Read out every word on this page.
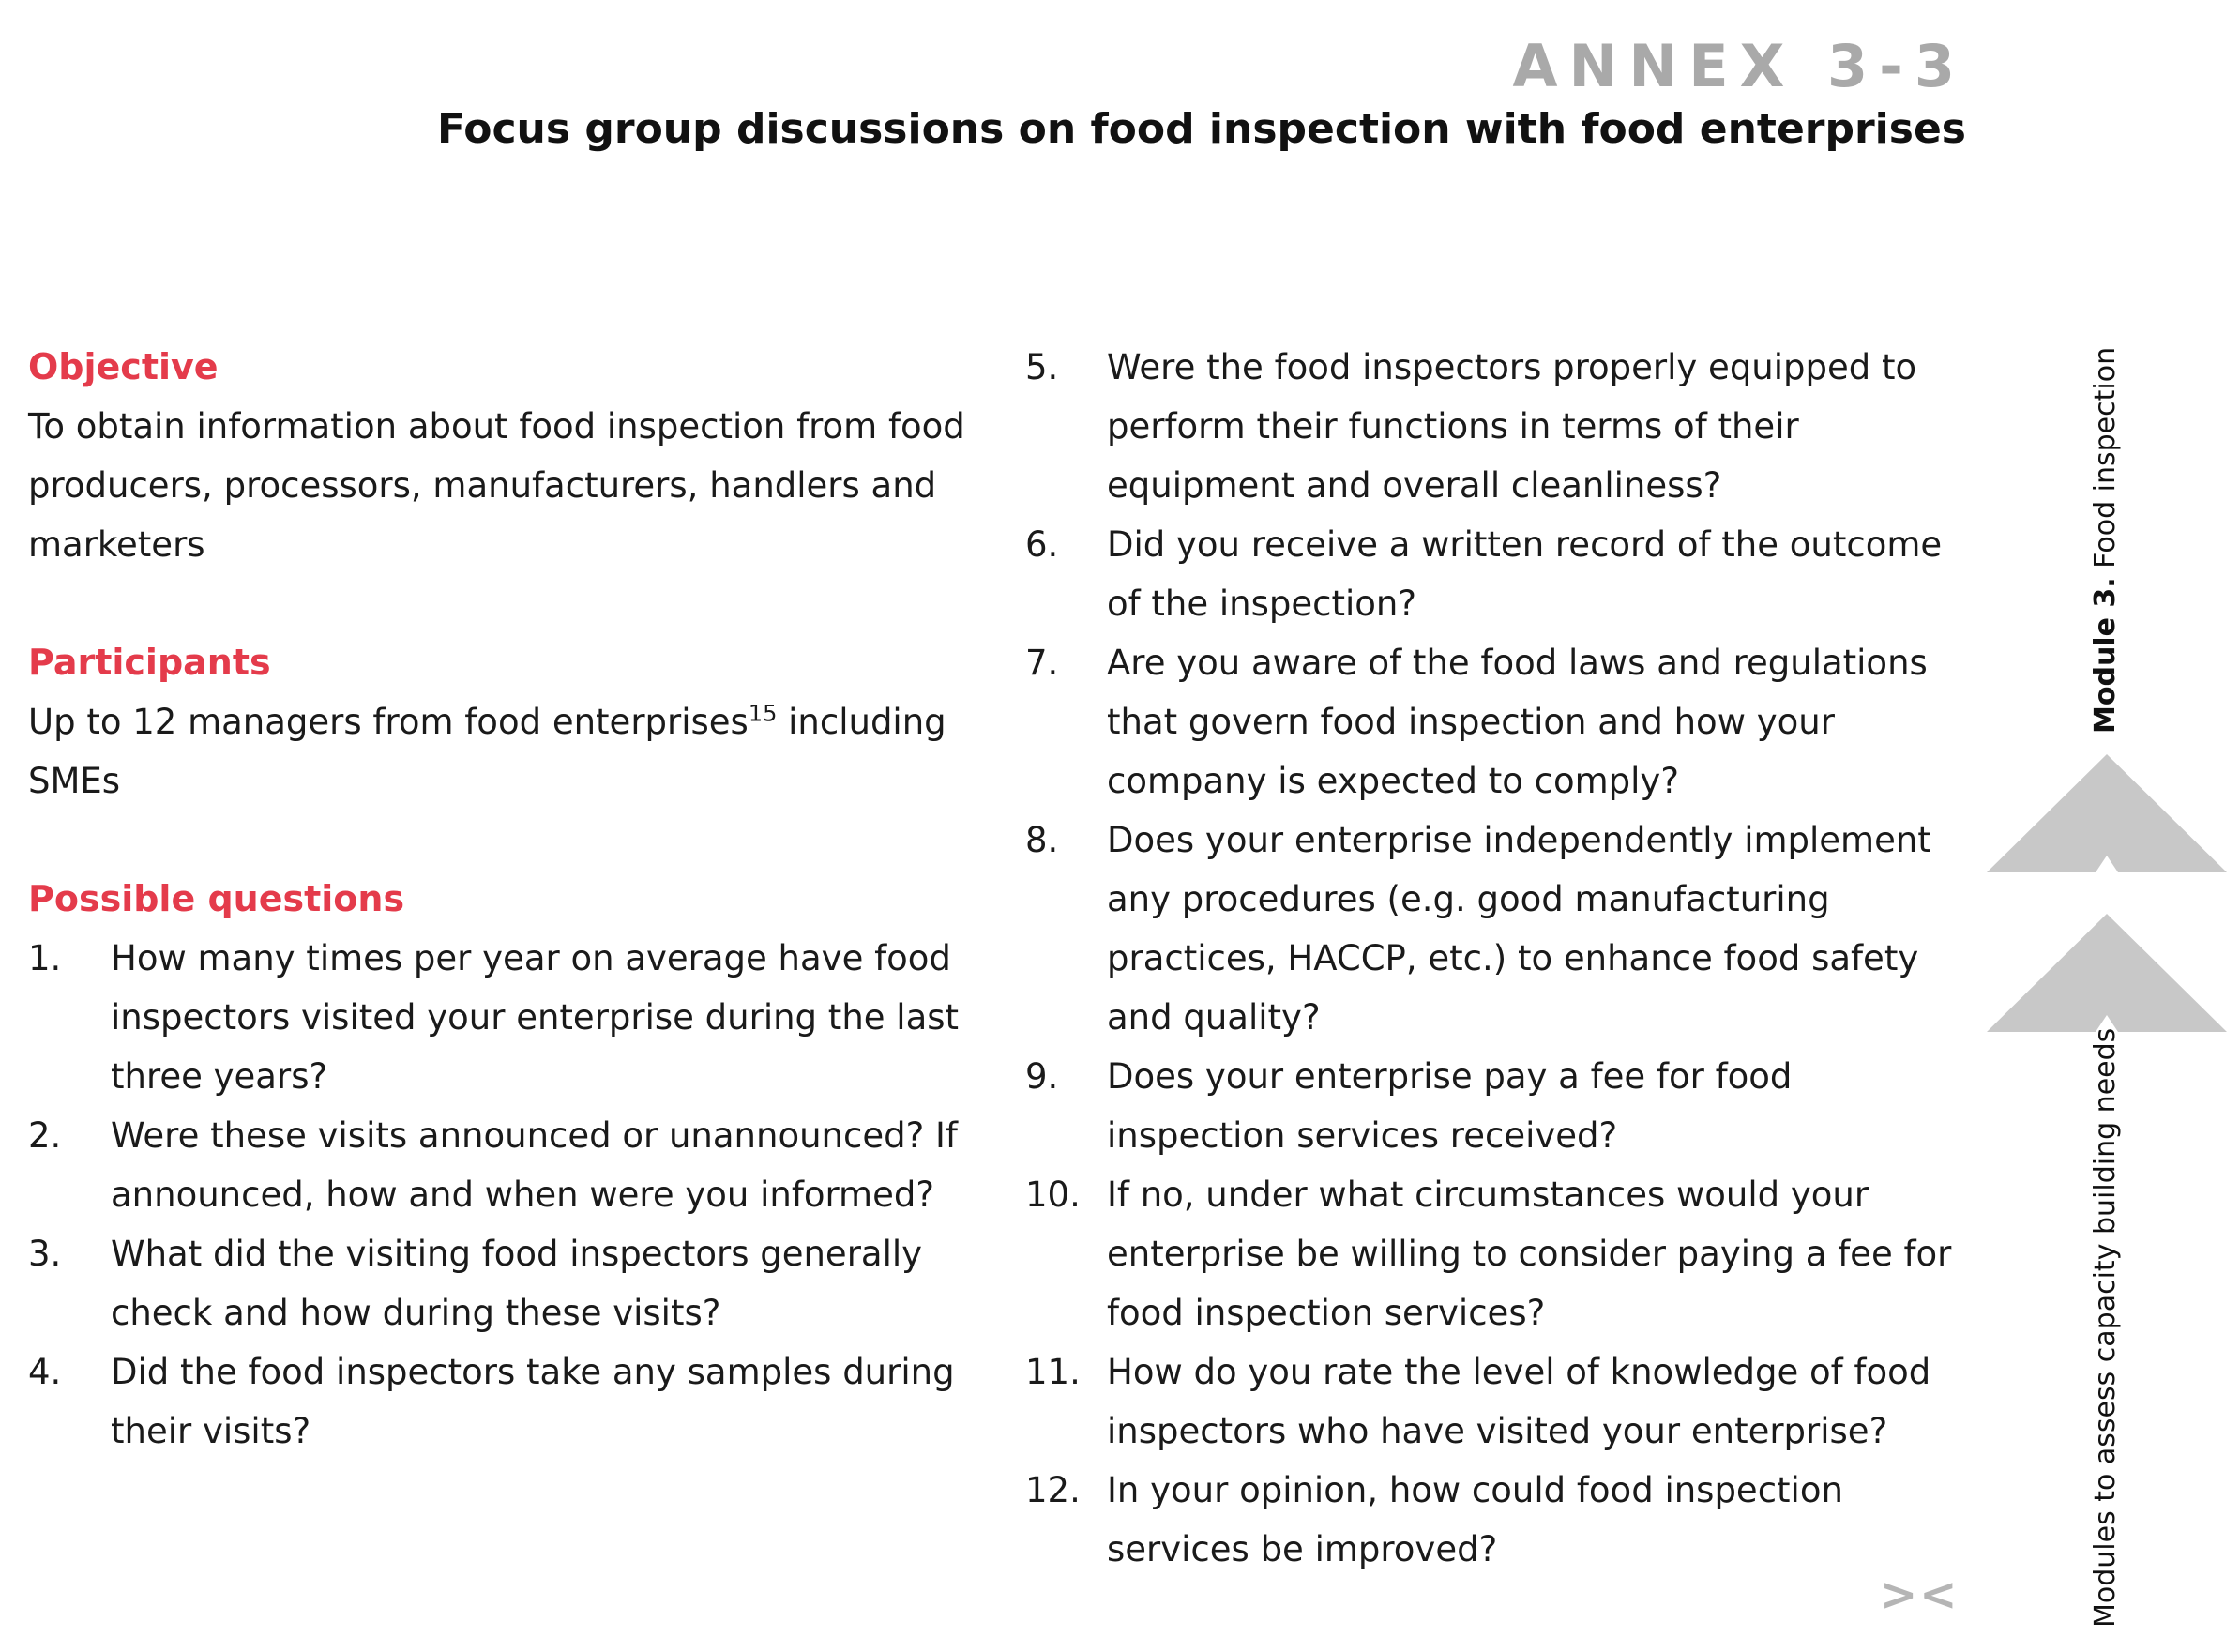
ANNEX 3-3
Focus group discussions on food inspection with food enterprises
Objective

To obtain information about food inspection from food producers, processors, manufacturers, handlers and marketers

Participants

Up to 12 managers from food enterprises$^{15}$ including SMEs

Possible questions
1.	How many times per year on average have food inspectors visited your enterprise during the last three years?
2.	Were these visits announced or unannounced? If announced, how and when were you informed?
3.	What did the visiting food inspectors generally check and how during these visits?
4.	Did the food inspectors take any samples during their visits?
5.	Were the food inspectors properly equipped to perform their functions in terms of their equipment and overall cleanliness?
6.	Did you receive a written record of the outcome of the inspection?
7.	Are you aware of the food laws and regulations that govern food inspection and how your company is expected to comply?
8.	Does your enterprise independently implement any procedures (e.g. good manufacturing practices, HACCP, etc.) to enhance food safety and quality?
9.	Does your enterprise pay a fee for food inspection services received?
10. If no, under what circumstances would your enterprise be willing to consider paying a fee for food inspection services?
11. How do you rate the level of knowledge of food inspectors who have visited your enterprise?
12. In your opinion, how could food inspection services be improved?
Module 3. Food inspection
Modules to assess capacity building needs
><
